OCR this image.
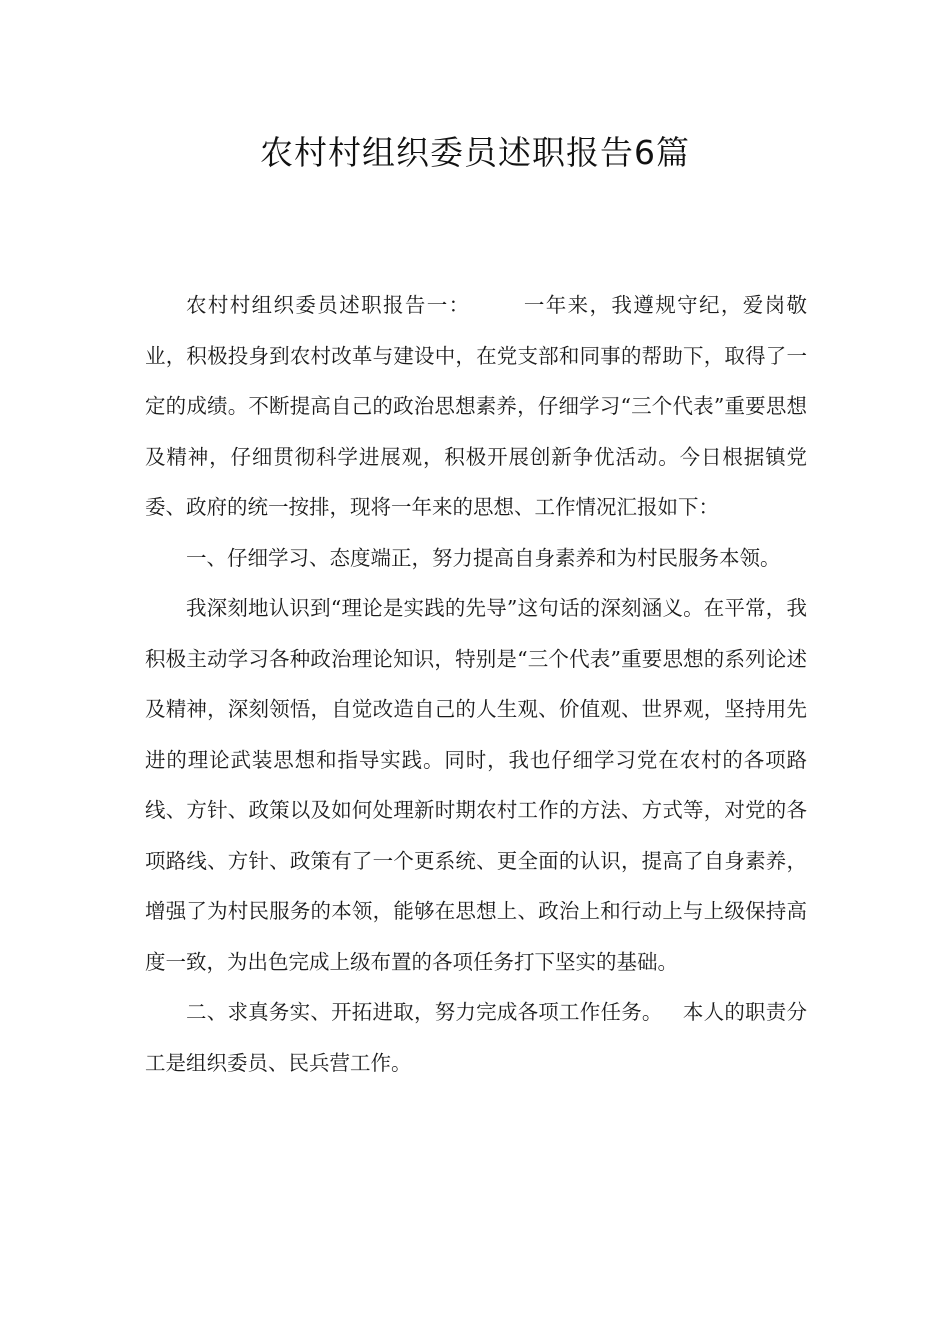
农村村组织委员述职报告6篇

农村村组织委员述职报告一：	一年来，我遵规守纪，爱岗敬业，积极投身到农村改革与建设中，在党支部和同事的帮助下，取得了一定的成绩。不断提高自己的政治思想素养，仔细学习“三个代表”重要思想及精神，仔细贯彻科学进展观，积极开展创新争优活动。今日根据镇党委、政府的统一按排，现将一年来的思想、工作情况汇报如下：

一、仔细学习、态度端正，努力提高自身素养和为村民服务本领。

我深刻地认识到“理论是实践的先导”这句话的深刻涵义。在平常，我积极主动学习各种政治理论知识，特别是“三个代表”重要思想的系列论述及精神，深刻领悟，自觉改造自己的人生观、价值观、世界观，坚持用先进的理论武装思想和指导实践。同时，我也仔细学习党在农村的各项路线、方针、政策以及如何处理新时期农村工作的方法、方式等，对党的各项路线、方针、政策有了一个更系统、更全面的认识，提高了自身素养，增强了为村民服务的本领，能够在思想上、政治上和行动上与上级保持高度一致，为出色完成上级布置的各项任务打下坚实的基础。

二、求真务实、开拓进取，努力完成各项工作任务。 本人的职责分工是组织委员、民兵营工作。
